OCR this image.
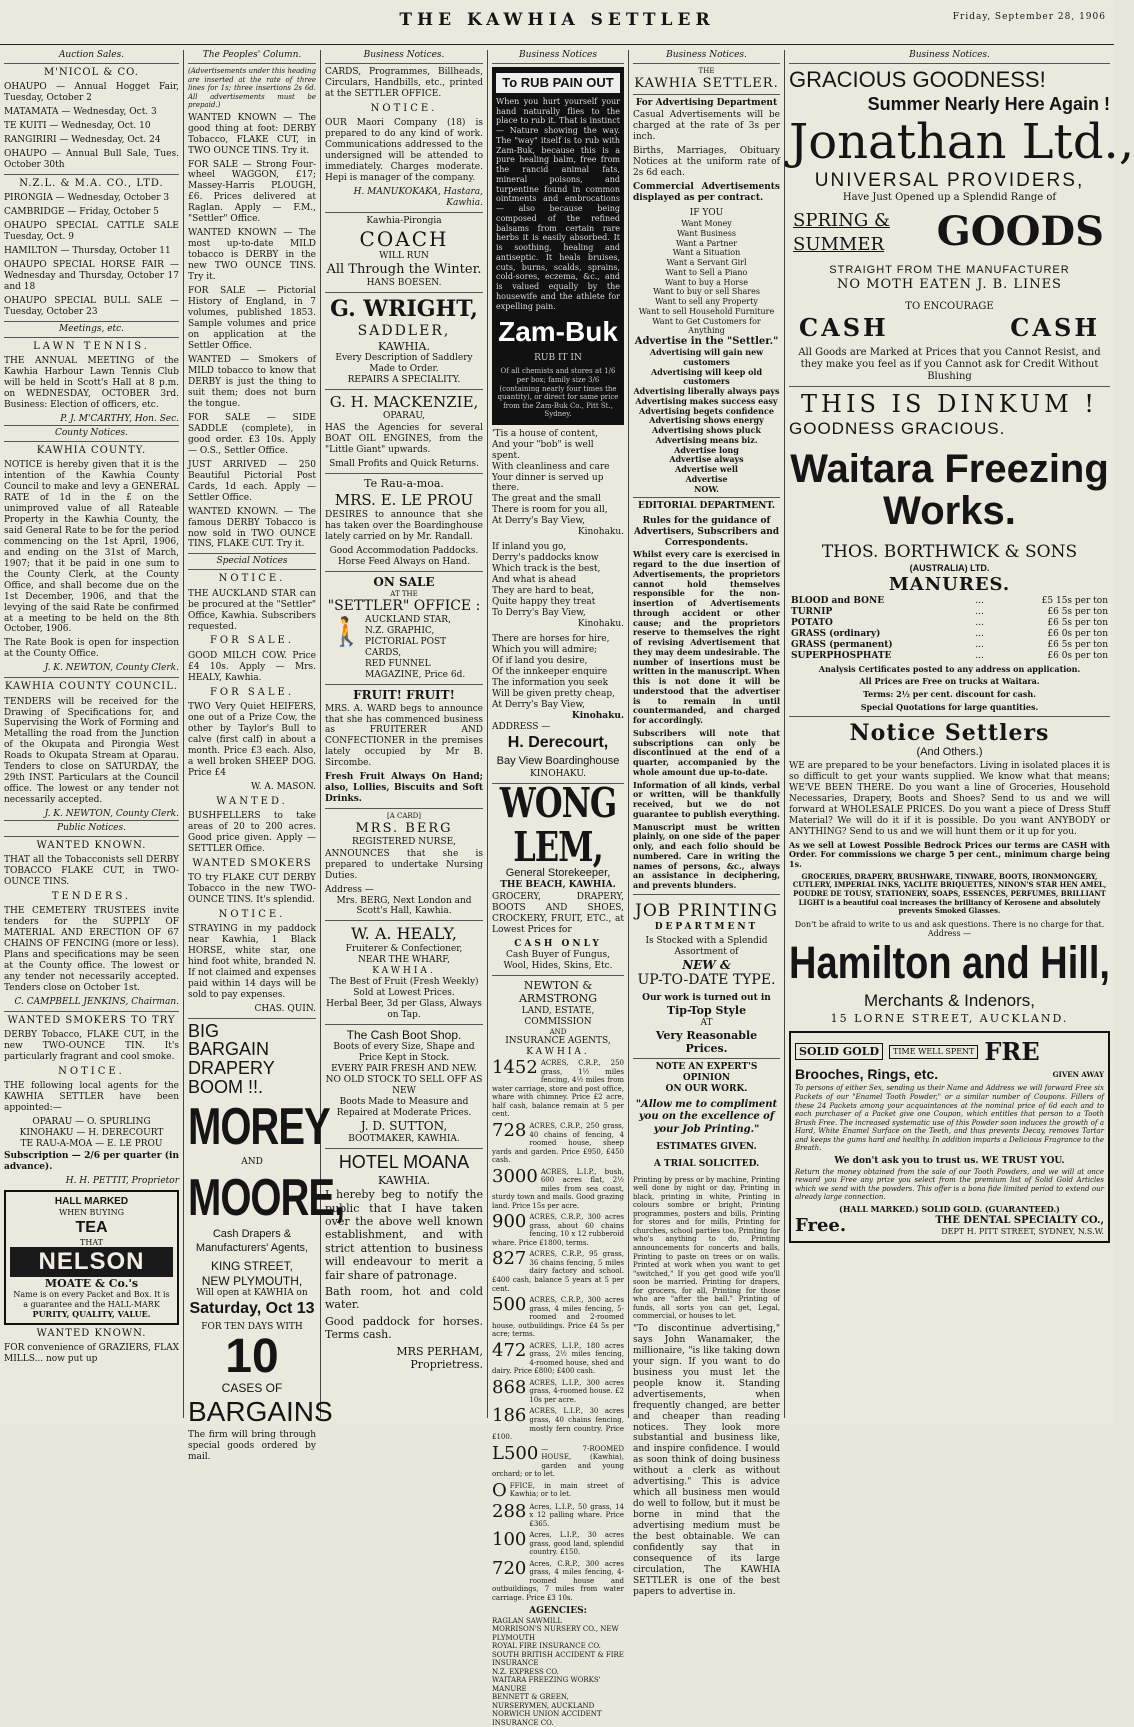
THE KAWHIA SETTLER	Friday, September 28, 1906
Auction Sales.
M'NICOL & CO.
OHAUPO — Annual Hogget Fair, Tuesday, October 2
MATAMATA — Wednesday, Oct. 3
TE KUITI — Wednesday, Oct. 10
RANGIRIRI — Wednesday, Oct. 24
OHAUPO — Annual Bull Sale, Tues. October 30th
N.Z.L. & M.A. CO., LTD.
PIRONGIA — Wednesday, October 3
CAMBRIDGE — Friday, October 5
OHAUPO SPECIAL CATTLE SALE Tuesday, Oct. 9
HAMILTON — Thursday, October 11
OHAUPO SPECIAL HORSE FAIR — Wednesday and Thursday, October 17 and 18
OHAUPO SPECIAL BULL SALE — Tuesday, October 23
Meetings, etc.
LAWN TENNIS.
THE ANNUAL MEETING of the Kawhia Harbour Lawn Tennis Club will be held in Scott's Hall at 8 p.m. on WEDNESDAY, OCTOBER 3rd. Business: Election of officers, etc.
P. J. M'CARTHY, Hon. Sec.
County Notices.
KAWHIA COUNTY.
NOTICE is hereby given that it is the intention of the Kawhia County Council to make and levy a GENERAL RATE of 1d in the £ on the unimproved value of all Rateable Property in the Kawhia County, the said General Rate to be for the period commencing on the 1st April, 1906, and ending on the 31st of March, 1907; that it be paid in one sum to the County Clerk, at the County Office, and shall become due on the 1st December, 1906, and that the levying of the said Rate be confirmed at a meeting to be held on the 8th October, 1906.
The Rate Book is open for inspection at the County Office.
J. K. NEWTON, County Clerk.
KAWHIA COUNTY COUNCIL.
TENDERS will be received for the Drawing of Specifications for, and Supervising the Work of Forming and Metalling the road from the Junction of the Okupata and Pirongia West Roads to Okupata Stream at Oparau. Tenders to close on SATURDAY, the 29th INST. Particulars at the Council office. The lowest or any tender not necessarily accepted.
J. K. NEWTON, County Clerk.
Public Notices.
WANTED KNOWN.
THAT all the Tobacconists sell DERBY TOBACCO FLAKE CUT, in TWO-OUNCE TINS.
TENDERS.
THE CEMETERY TRUSTEES invite tenders for the SUPPLY OF MATERIAL AND ERECTION OF 67 CHAINS OF FENCING (more or less). Plans and specifications may be seen at the County office. The lowest or any tender not necessarily accepted. Tenders close on October 1st.
C. CAMPBELL JENKINS, Chairman.
WANTED SMOKERS TO TRY
DERBY Tobacco, FLAKE CUT, in the new TWO-OUNCE TIN. It's particularly fragrant and cool smoke.
NOTICE.
THE following local agents for the KAWHIA SETTLER have been appointed:—
OPARAU — O. SPURLING
KINOHAKU — H. DERECOURT
TE RAU-A-MOA — E. LE PROU
Subscription — 2/6 per quarter (in advance).
H. H. PETTIT, Proprietor
HALL MARKED
WHEN BUYING
TEA
THAT
NELSON
MOATE & Co.'s
Name is on every Packet and Box. It is a guarantee and the HALL-MARK
PURITY, QUALITY, VALUE.
WANTED KNOWN.
FOR convenience of GRAZIERS, FLAX MILLS... now put up
The Peoples' Column.
(Advertisements under this heading are inserted at the rate of three lines for 1s; three insertions 2s 6d. All advertisements must be prepaid.)
WANTED KNOWN — The good thing at foot: DERBY Tobacco, FLAKE CUT, in TWO OUNCE TINS. Try it.
FOR SALE — Strong Four-wheel WAGGON, £17; Massey-Harris PLOUGH, £6. Prices delivered at Raglan. Apply — F.M., "Settler" Office.
WANTED KNOWN — The most up-to-date MILD tobacco is DERBY in the new TWO OUNCE TINS. Try it.
FOR SALE — Pictorial History of England, in 7 volumes, published 1853. Sample volumes and price on application at the Settler Office.
WANTED — Smokers of MILD tobacco to know that DERBY is just the thing to suit them; does not burn the tongue.
FOR SALE — SIDE SADDLE (complete), in good order. £3 10s. Apply — O.S., Settler Office.
JUST ARRIVED — 250 Beautiful Pictorial Post Cards, 1d each. Apply — Settler Office.
WANTED KNOWN. — The famous DERBY Tobacco is now sold in TWO OUNCE TINS, FLAKE CUT. Try it.
Special Notices
NOTICE.
THE AUCKLAND STAR can be procured at the "Settler" Office, Kawhia. Subscribers requested.
FOR SALE.
GOOD MILCH COW. Price £4 10s. Apply — Mrs. HEALY, Kawhia.
FOR SALE.
TWO Very Quiet HEIFERS, one out of a Prize Cow, the other by Taylor's Bull to calve (first calf) in about a month. Price £3 each. Also, a well broken SHEEP DOG. Price £4
W. A. MASON.
WANTED.
BUSHFELLERS to take areas of 20 to 200 acres. Good price given. Apply — SETTLER Office.
WANTED SMOKERS
TO try FLAKE CUT DERBY Tobacco in the new TWO-OUNCE TINS. It's splendid.
NOTICE.
STRAYING in my paddock near Kawhia, 1 Black HORSE, white star, one hind foot white, branded N. If not claimed and expenses paid within 14 days will be sold to pay expenses.
CHAS. QUIN.
BIG
BARGAIN
DRAPERY
BOOM !!.
MOREY
AND
MOORE,
Cash Drapers & Manufacturers' Agents,
KING STREET,
NEW PLYMOUTH,
Will open at KAWHIA on
Saturday, Oct 13
FOR TEN DAYS WITH
10
CASES OF
BARGAINS
The firm will bring through special goods ordered by mail.
Business Notices.
CARDS, Programmes, Billheads, Circulars, Handbills, etc., printed at the SETTLER OFFICE.
NOTICE.
OUR Maori Company (18) is prepared to do any kind of work. Communications addressed to the undersigned will be attended to immediately. Charges moderate. Hepi is manager of the company.
H. MANUKOKAKA, Hastara, Kawhia.
Kawhia-Pirongia
COACH
WILL RUN
All Through the Winter.
HANS BOESEN.
G. WRIGHT,
SADDLER,
KAWHIA.
Every Description of Saddlery Made to Order.
REPAIRS A SPECIALITY.
G. H. MACKENZIE,
OPARAU,
HAS the Agencies for several BOAT OIL ENGINES, from the "Little Giant" upwards.
Small Profits and Quick Returns.
Te Rau-a-moa.
MRS. E. LE PROU
DESIRES to announce that she has taken over the Boardinghouse lately carried on by Mr. Randall.
Good Accommodation Paddocks.
Horse Feed Always on Hand.
ON SALE
AT THE
"SETTLER" OFFICE :
🚶 AUCKLAND STAR,
N.Z. GRAPHIC,
PICTORIAL POST CARDS,
RED FUNNEL MAGAZINE, Price 6d.
FRUIT! FRUIT!
MRS. A. WARD begs to announce that she has commenced business as FRUITERER AND CONFECTIONER in the premises lately occupied by Mr B. Sircombe.
Fresh Fruit Always On Hand; also, Lollies, Biscuits and Soft Drinks.
[A CARD]
MRS. BERG
REGISTERED NURSE,
ANNOUNCES that she is prepared to undertake Nursing Duties.
Address —
Mrs. BERG, Next London and Scott's Hall, Kawhia.
W. A. HEALY,
Fruiterer & Confectioner,
NEAR THE WHARF,
KAWHIA.
The Best of Fruit (Fresh Weekly) Sold at Lowest Prices.
Herbal Beer, 3d per Glass, Always on Tap.
The Cash Boot Shop.
Boots of every Size, Shape and Price Kept in Stock.
EVERY PAIR FRESH AND NEW.
NO OLD STOCK TO SELL OFF AS NEW
Boots Made to Measure and Repaired at Moderate Prices.
J. D. SUTTON,
BOOTMAKER, KAWHIA.
HOTEL MOANA
KAWHIA.
I hereby beg to notify the public that I have taken over the above well known establishment, and with strict attention to business will endeavour to merit a fair share of patronage.
Bath room, hot and cold water.
Good paddock for horses. Terms cash.
MRS PERHAM, Proprietress.
Business Notices
To RUB PAIN OUT
When you hurt yourself your hand naturally flies to the place to rub it. That is instinct — Nature showing the way. The "way" itself is to rub with Zam-Buk, because this is a pure healing balm, free from the rancid animal fats, mineral poisons, and turpentine found in common ointments and embrocations — also because being composed of the refined balsams from certain rare herbs it is easily absorbed. It is soothing, healing and antiseptic. It heals bruises, cuts, burns, scalds, sprains, cold-sores, eczema, &c., and is valued equally by the housewife and the athlete for expelling pain.
Zam-Buk
RUB IT IN
Of all chemists and stores at 1/6 per box; family size 3/6 (containing nearly four times the quantity), or direct for same price from the Zam-Buk Co., Pitt St., Sydney.
'Tis a house of content,
And your "bob" is well spent.
With cleanliness and care
Your dinner is served up there.
The great and the small
There is room for you all,
At Derry's Bay View,
Kinohaku.
If inland you go,
Derry's paddocks know
Which track is the best,
And what is ahead
They are hard to beat,
Quite happy they treat
To Derry's Bay View,
Kinohaku.
There are horses for hire,
Which you will admire;
Of if land you desire,
Of the innkeeper enquire
The information you seek
Will be given pretty cheap,
At Derry's Bay View,
Kinohaku.
ADDRESS —
H. Derecourt,
Bay View Boardinghouse
KINOHAKU.
WONG LEM,
General Storekeeper,
THE BEACH, KAWHIA.
GROCERY, DRAPERY, BOOTS AND SHOES, CROCKERY, FRUIT, ETC., at Lowest Prices for
CASH ONLY
Cash Buyer of Fungus, Wool, Hides, Skins, Etc.
NEWTON & ARMSTRONG
LAND, ESTATE, COMMISSION
AND
INSURANCE AGENTS,
KAWHIA.
1452 ACRES, C.R.P., 250 grass, 1½ miles fencing, 4½ miles from water carriage, store and post office, whare with chimney. Price £2 acre, half cash, balance remain at 5 per cent.
728 ACRES, C.R.P., 250 grass, 40 chains of fencing, 4 roomed house, sheep yards and garden. Price £950, £450 cash.
3000 ACRES, L.I.P., bush, 600 acres flat, 2½ miles from sea coast, sturdy town and mails. Good grazing land. Price 15s per acre.
900 ACRES, C.R.P., 300 acres grass, about 60 chains fencing, 10 x 12 rubberoid whare. Price £1800, terms.
827 ACRES, C.R.P., 95 grass, 36 chains fencing, 5 miles dairy factory and school. £400 cash, balance 5 years at 5 per cent.
500 ACRES, C.R.P., 300 acres grass, 4 miles fencing, 5-roomed and 2-roomed house, outbuildings. Price £4 5s per acre; terms.
472 ACRES, L.I.P., 180 acres grass, 2½ miles fencing, 4-roomed house, shed and dairy. Price £800; £400 cash.
868 ACRES, L.I.P., 300 acres grass, 4-roomed house. £2 10s per acre.
186 ACRES, L.I.P., 30 acres grass, 40 chains fencing, mostly fern country. Price £100.
L500 — 7-ROOMED HOUSE, (Kawhia), garden and young orchard; or to let.
OFFICE, in main street of Kawhia; or to let.
288 Acres, L.I.P., 50 grass, 14 x 12 palling whare. Price £365.
100 Acres, L.I.P., 30 acres grass, good land, splendid country. £150.
720 Acres, C.R.P., 300 acres grass, 4 miles fencing, 4-roomed house and outbuildings, 7 miles from water carriage. Price £3 10s.
AGENCIES:
RAGLAN SAWMILL
MORRISON'S NURSERY CO., NEW PLYMOUTH
ROYAL FIRE INSURANCE CO.
SOUTH BRITISH ACCIDENT & FIRE INSURANCE
N.Z. EXPRESS CO.
WAITARA FREEZING WORKS' MANURE
BENNETT & GREEN, NURSERYMEN, AUCKLAND
NORWICH UNION ACCIDENT INSURANCE CO.
Business Notices.
THE
KAWHIA SETTLER.
For Advertising Department
Casual Advertisements will be charged at the rate of 3s per inch.
Births, Marriages, Obituary Notices at the uniform rate of 2s 6d each.
Commercial Advertisements displayed as per contract.
IF YOU
Want Money
Want Business
Want a Partner
Want a Situation
Want a Servant Girl
Want to Sell a Piano
Want to buy a Horse
Want to buy or sell Shares
Want to sell any Property
Want to sell Household Furniture
Want to Get Customers for Anything
Advertise in the "Settler."
Advertising will gain new customers
Advertising will keep old customers
Advertising liberally always pays
Advertising makes success easy
Advertising begets confidence
Advertising shows energy
Advertising shows pluck
Advertising means biz.
Advertise long
Advertise always
Advertise well
Advertise
NOW.
EDITORIAL DEPARTMENT.
Rules for the guidance of Advertisers, Subscribers and Correspondents.
Whilst every care is exercised in regard to the due insertion of Advertisements, the proprietors cannot hold themselves responsible for the non-insertion of Advertisements through accident or other cause; and the proprietors reserve to themselves the right of revising Advertisement that they may deem undesirable. The number of insertions must be written in the manuscript. When this is not done it will be understood that the advertiser is to remain in until countermanded, and charged for accordingly.
Subscribers will note that subscriptions can only be discontinued at the end of a quarter, accompanied by the whole amount due up-to-date.
Information of all kinds, verbal or written, will be thankfully received, but we do not guarantee to publish everything.
Manuscript must be written plainly, on one side of the paper only, and each folio should be numbered. Care in writing the names of persons, &c., always an assistance in deciphering, and prevents blunders.
JOB PRINTING
DEPARTMENT
Is Stocked with a Splendid Assortment of
NEW &
UP-TO-DATE TYPE.
Our work is turned out in
Tip-Top Style
AT
Very Reasonable Prices.
NOTE AN EXPERT'S OPINION
ON OUR WORK.
"Allow me to compliment you on the excellence of your Job Printing."
ESTIMATES GIVEN.
A TRIAL SOLICITED.
Printing by press or by machine, Printing well done by night or day, Printing in black, printing in white, Printing in colours sombre or bright, Printing programmes, posters and bills, Printing for stores and for mills, Printing for churches, school parties too, Printing for who's anything to do, Printing announcements for concerts and balls, Printing to paste on trees or on walls. Printed at work when you want to get "switched," If you get good wife you'll soon be married. Printing for drapers, for grocers, for all, Printing for those who are "after the ball." Printing of funds, all sorts you can get, Legal, commercial, or houses to let.
"To discontinue advertising," says John Wanamaker, the millionaire, "is like taking down your sign. If you want to do business you must let the people know it. Standing advertisements, when frequently changed, are better and cheaper than reading notices. They look more substantial and business like, and inspire confidence. I would as soon think of doing business without a clerk as without advertising." This is advice which all business men would do well to follow, but it must be borne in mind that the advertising medium must be the best obtainable. We can confidently say that in consequence of its large circulation, The KAWHIA SETTLER is one of the best papers to advertise in.
Business Notices.
GRACIOUS GOODNESS!
Summer Nearly Here Again !
Jonathan Ltd.,
UNIVERSAL PROVIDERS,
Have Just Opened up a Splendid Range of
SPRING &
SUMMER GOODS
STRAIGHT FROM THE MANUFACTURER
NO MOTH EATEN J. B. LINES
TO ENCOURAGE
CASH	CASH
All Goods are Marked at Prices that you Cannot Resist, and they make you feel as if you Cannot ask for Credit Without Blushing
THIS IS DINKUM !
GOODNESS GRACIOUS.
Waitara Freezing
Works.
THOS. BORTHWICK & SONS
(AUSTRALIA) LTD.
MANURES.
BLOOD and BONE	...	£5 15s per ton
TURNIP	...	£6 5s per ton
POTATO	...	£6 5s per ton
GRASS (ordinary)	...	£6 0s per ton
GRASS (permanent)	...	£6 5s per ton
SUPERPHOSPHATE	...	£6 0s per ton
Analysis Certificates posted to any address on application.
All Prices are Free on trucks at Waitara.
Terms: 2½ per cent. discount for cash.
Special Quotations for large quantities.
Notice Settlers
(And Others.)
WE are prepared to be your benefactors. Living in isolated places it is so difficult to get your wants supplied. We know what that means; WE'VE BEEN THERE. Do you want a line of Groceries, Household Necessaries, Drapery, Boots and Shoes? Send to us and we will forward at WHOLESALE PRICES. Do you want a piece of Dress Stuff Material? We will do it if it is possible. Do you want ANYBODY or ANYTHING? Send to us and we will hunt them or it up for you.
As we sell at Lowest Possible Bedrock Prices our terms are CASH with Order. For commissions we charge 5 per cent., minimum charge being 1s.
GROCERIES, DRAPERY, BRUSHWARE, TINWARE, BOOTS, IRONMONGERY, CUTLERY, IMPERIAL INKS, YACLITE BRIQUETTES, NINON'S STAR HEN AMEL, POUDRE DE TOUSY, STATIONERY, SOAPS, ESSENCES, PERFUMES, BRILLIANT LIGHT is a beautiful coal increases the brilliancy of Kerosene and absolutely prevents Smoked Glasses.
Don't be afraid to write to us and ask questions. There is no charge for that. Address —
Hamilton and Hill,
Merchants & Indenors,
15 LORNE STREET, AUCKLAND.
SOLID GOLD	TIME WELL SPENT FRE
Brooches, Rings, etc.	GIVEN AWAY
To persons of either Sex, sending us their Name and Address we will forward Free six Packets of our "Enamel Tooth Powder," or a similar number of Coupons. Fillers of these 24 Packets among your acquaintances at the nominal price of 6d each and to each purchaser of a Packet give one Coupon, which entitles that person to a Tooth Brush Free. The increased systematic use of this Powder soon induces the growth of a Hard, White Enamel Surface on the Teeth, and thus prevents Decay, removes Tartar and keeps the gums hard and healthy. In addition imparts a Delicious Fragrance to the Breath.
We don't ask you to trust us. WE TRUST YOU.
Return the money obtained from the sale of our Tooth Powders, and we will at once reward you Free any prize you select from the premium list of Solid Gold Articles which we send with the powders. This offer is a bona fide limited period to extend our already large connection.
(HALL MARKED.) SOLID GOLD. (GUARANTEED.)
Free.	THE DENTAL SPECIALTY CO.,
DEPT H. PITT STREET, SYDNEY, N.S.W.
